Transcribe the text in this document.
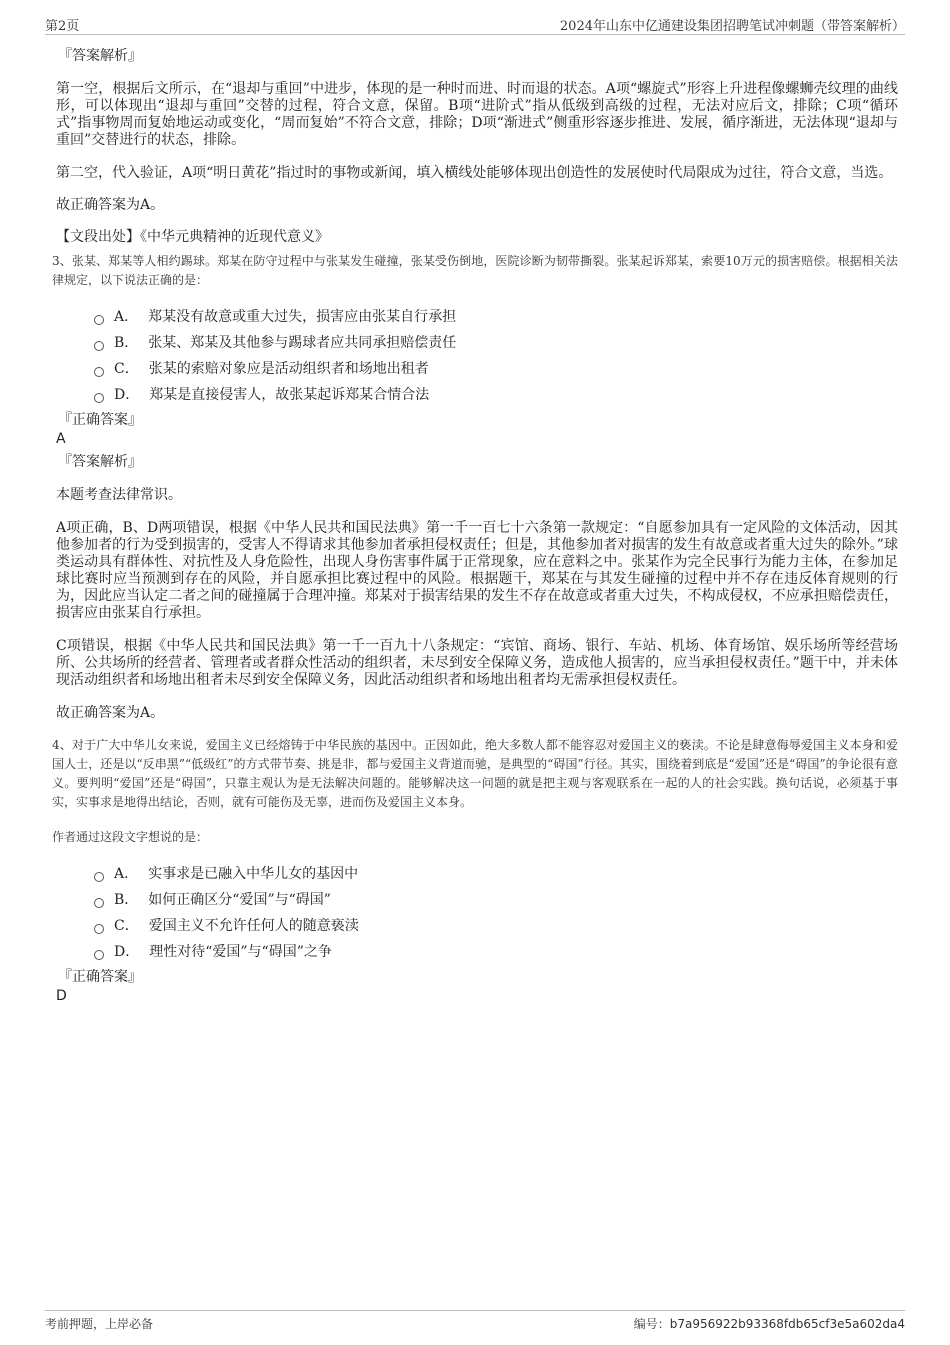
第2页	2024年山东中亿通建设集团招聘笔试冲刺题（带答案解析）
『答案解析』

第一空，根据后文所示，在“退却与重回”中进步，体现的是一种时而进、时而退的状态。A项“螺旋式”形容上升进程像螺蛳壳纹理的曲线形，可以体现出“退却与重回”交替的过程，符合文意，保留。B项“进阶式”指从低级到高级的过程，无法对应后文，排除；C项“循环式”指事物周而复始地运动或变化，“周而复始”不符合文意，排除；D项“渐进式”侧重形容逐步推进、发展，循序渐进，无法体现“退却与重回”交替进行的状态，排除。

第二空，代入验证，A项“明日黄花”指过时的事物或新闻，填入横线处能够体现出创造性的发展使时代局限成为过往，符合文意，当选。

故正确答案为A。

【文段出处】《中华元典精神的近现代意义》

3、张某、郑某等人相约踢球。郑某在防守过程中与张某发生碰撞，张某受伤倒地，医院诊断为韧带撕裂。张某起诉郑某，索要10万元的损害赔偿。根据相关法律规定，以下说法正确的是：

A． 郑某没有故意或重大过失，损害应由张某自行承担
B． 张某、郑某及其他参与踢球者应共同承担赔偿责任
C． 张某的索赔对象应是活动组织者和场地出租者
D． 郑某是直接侵害人，故张某起诉郑某合情合法
『正确答案』
A
『答案解析』

本题考查法律常识。

A项正确，B、D两项错误，根据《中华人民共和国民法典》第一千一百七十六条第一款规定：“自愿参加具有一定风险的文体活动，因其他参加者的行为受到损害的，受害人不得请求其他参加者承担侵权责任；但是，其他参加者对损害的发生有故意或者重大过失的除外。”球类运动具有群体性、对抗性及人身危险性，出现人身伤害事件属于正常现象，应在意料之中。张某作为完全民事行为能力主体，在参加足球比赛时应当预测到存在的风险，并自愿承担比赛过程中的风险。根据题干，郑某在与其发生碰撞的过程中并不存在违反体育规则的行为，因此应当认定二者之间的碰撞属于合理冲撞。郑某对于损害结果的发生不存在故意或者重大过失，不构成侵权，不应承担赔偿责任，损害应由张某自行承担。

C项错误，根据《中华人民共和国民法典》第一千一百九十八条规定：“宾馆、商场、银行、车站、机场、体育场馆、娱乐场所等经营场所、公共场所的经营者、管理者或者群众性活动的组织者，未尽到安全保障义务，造成他人损害的，应当承担侵权责任。”题干中，并未体现活动组织者和场地出租者未尽到安全保障义务，因此活动组织者和场地出租者均无需承担侵权责任。

故正确答案为A。

4、对于广大中华儿女来说，爱国主义已经熔铸于中华民族的基因中。正因如此，绝大多数人都不能容忍对爱国主义的亵渎。不论是肆意侮辱爱国主义本身和爱国人士，还是以“反串黑”“低级红”的方式带节奏、挑是非，都与爱国主义背道而驰，是典型的“碍国”行径。其实，围绕着到底是“爱国”还是“碍国”的争论很有意义。要判明“爱国”还是“碍国”，只靠主观认为是无法解决问题的。能够解决这一问题的就是把主观与客观联系在一起的人的社会实践。换句话说，必须基于事实，实事求是地得出结论，否则，就有可能伤及无辜，进而伤及爱国主义本身。

作者通过这段文字想说的是：

A． 实事求是已融入中华儿女的基因中
B． 如何正确区分“爱国”与“碍国”
C． 爱国主义不允许任何人的随意亵渎
D． 理性对待“爱国”与“碍国”之争
『正确答案』
D
考前押题，上岸必备	编号：b7a956922b93368fdb65cf3e5a602da4
